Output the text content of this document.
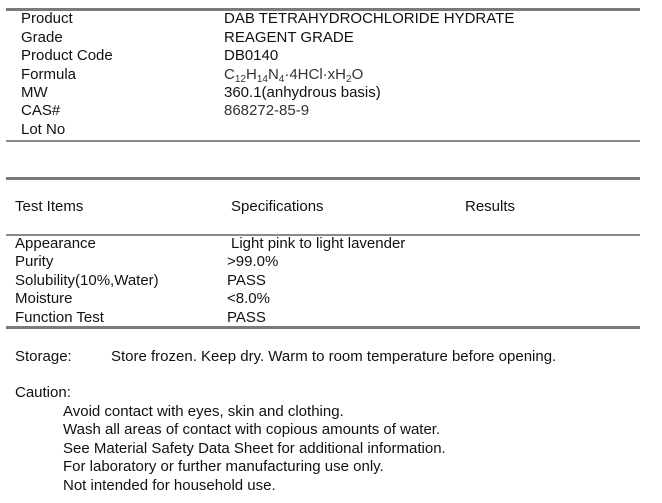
Product	DAB TETRAHYDROCHLORIDE HYDRATE
Grade	REAGENT GRADE
Product Code	DB0140
Formula	$C_{12}H_{14}N_4\cdot 4HCl\cdot xH_2O$
MW	360.1(anhydrous basis)
CAS#	868272-85-9
Lot No
Test Items	Specifications	Results
Appearance	Light pink to light lavender
Purity	>99.0%
Solubility(10%,Water)	PASS
Moisture	<8.0%
Function Test	PASS
Storage:	Store frozen. Keep dry. Warm to room temperature before opening.
Caution:
Avoid contact with eyes, skin and clothing.
Wash all areas of contact with copious amounts of water.
See Material Safety Data Sheet for additional information.
For laboratory or further manufacturing use only.
Not intended for household use.
